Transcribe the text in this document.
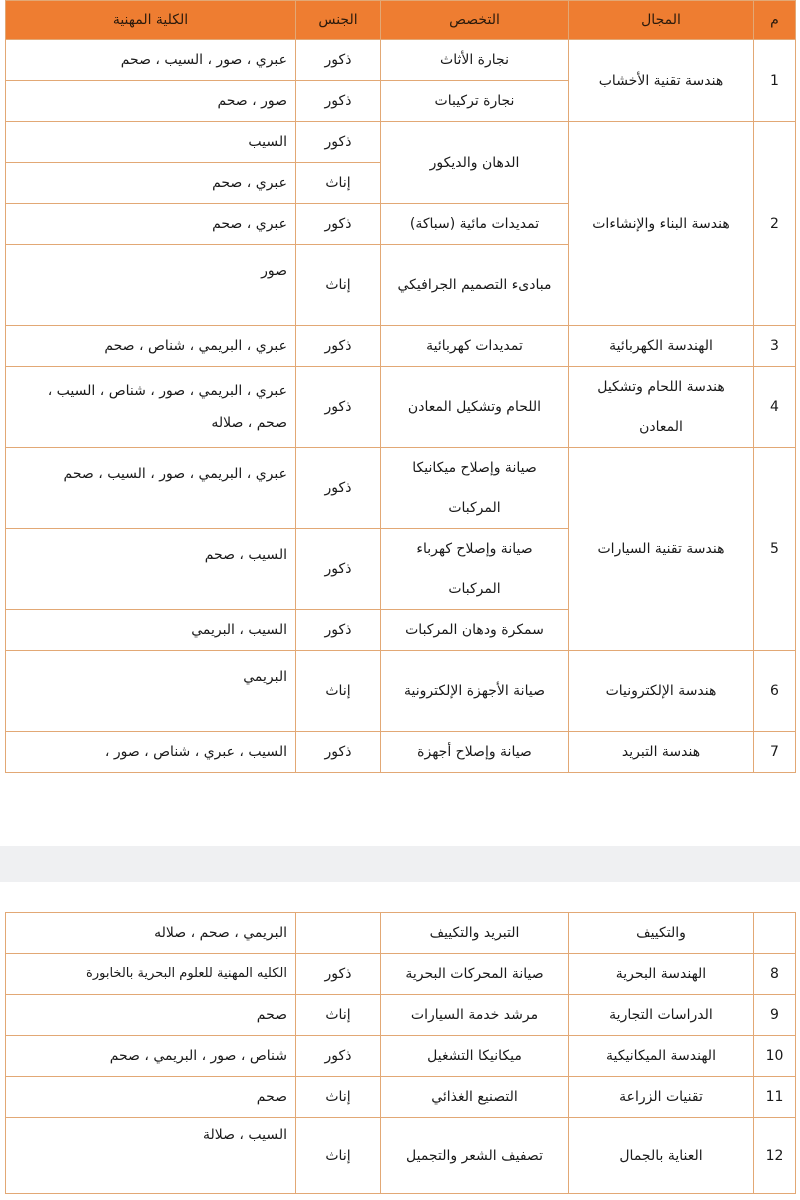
م	المجال	التخصص	الجنس	الكلية المهنية
1	هندسة تقنية الأخشاب	نجارة الأثاث	ذكور	عبري ، صور ، السيب ، صحم
		نجارة تركيبات	ذكور	صور ، صحم
2	هندسة البناء والإنشاءات	الدهان والديكور	ذكور	السيب
			إناث	عبري ، صحم
		تمديدات مائية (سباكة)	ذكور	عبري ، صحم
		مبادىء التصميم الجرافيكي	إناث	صور

3	الهندسة الكهربائية	تمديدات كهربائية	ذكور	عبري ، البريمي ، شناص ، صحم
4	هندسة اللحام وتشكيل المعادن	اللحام وتشكيل المعادن	ذكور	عبري ، البريمي ، صور ، شناص ، السيب ، صحم ، صلاله
5	هندسة تقنية السيارات	صيانة وإصلاح ميكانيكا المركبات	ذكور	عبري ، البريمي ، صور ، السيب ، صحم
		صيانة وإصلاح كهرباء المركبات	ذكور	السيب ، صحم
		سمكرة ودهان المركبات	ذكور	السيب ، البريمي
6	هندسة الإلكترونيات	صيانة الأجهزة الإلكترونية	إناث	البريمي
7	هندسة التبريد	صيانة وإصلاح أجهزة	ذكور	السيب ، عبري ، شناص ، صور ،
	والتكييف	التبريد والتكييف		البريمي ، صحم ، صلاله
8	الهندسة البحرية	صيانة المحركات البحرية	ذكور	الكليه المهنية للعلوم البحرية بالخابورة
9	الدراسات التجارية	مرشد خدمة السيارات	إناث	صحم
10	الهندسة الميكانيكية	ميكانيكا التشغيل	ذكور	شناص ، صور ، البريمي ، صحم
11	تقنيات الزراعة	التصنيع الغذائي	إناث	صحم
12	العناية بالجمال	تصفيف الشعر والتجميل	إناث	السيب ، صلالة
